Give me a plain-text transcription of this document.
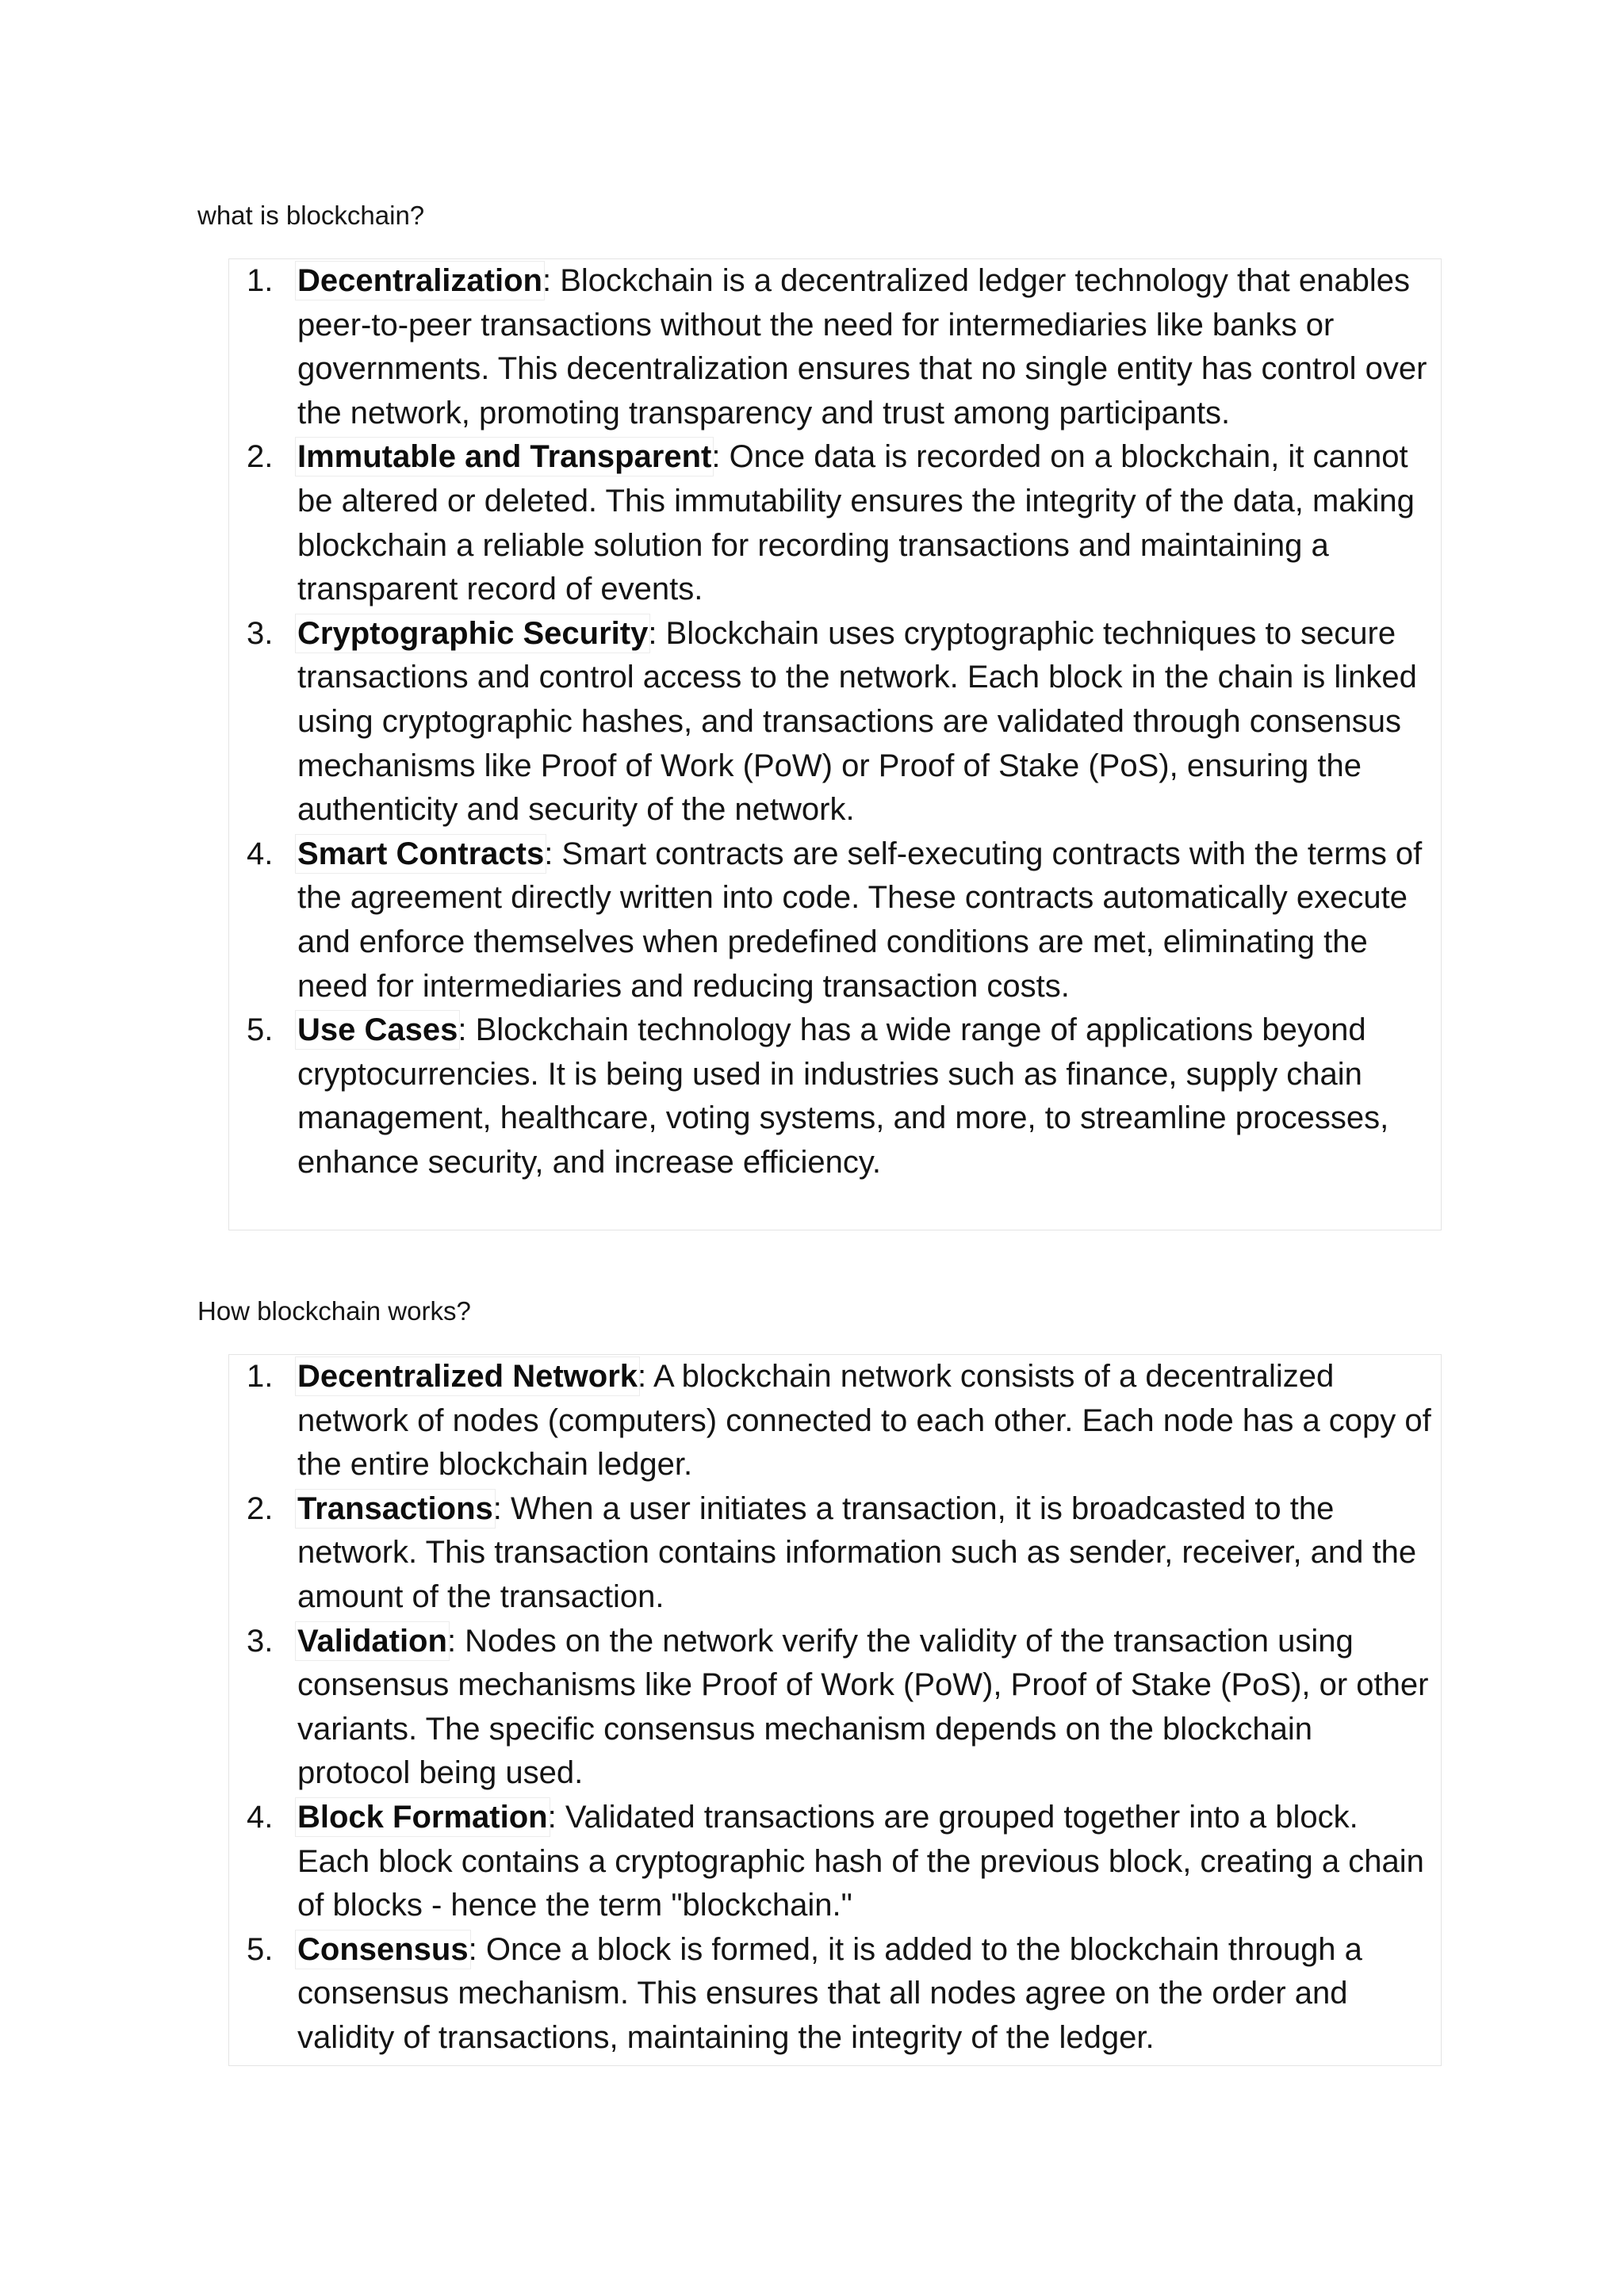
what is blockchain?
1. Decentralization: Blockchain is a decentralized ledger technology that enables peer-to-peer transactions without the need for intermediaries like banks or governments. This decentralization ensures that no single entity has control over the network, promoting transparency and trust among participants.
2. Immutable and Transparent: Once data is recorded on a blockchain, it cannot be altered or deleted. This immutability ensures the integrity of the data, making blockchain a reliable solution for recording transactions and maintaining a transparent record of events.
3. Cryptographic Security: Blockchain uses cryptographic techniques to secure transactions and control access to the network. Each block in the chain is linked using cryptographic hashes, and transactions are validated through consensus mechanisms like Proof of Work (PoW) or Proof of Stake (PoS), ensuring the authenticity and security of the network.
4. Smart Contracts: Smart contracts are self-executing contracts with the terms of the agreement directly written into code. These contracts automatically execute and enforce themselves when predefined conditions are met, eliminating the need for intermediaries and reducing transaction costs.
5. Use Cases: Blockchain technology has a wide range of applications beyond cryptocurrencies. It is being used in industries such as finance, supply chain management, healthcare, voting systems, and more, to streamline processes, enhance security, and increase efficiency.
How blockchain works?
1. Decentralized Network: A blockchain network consists of a decentralized network of nodes (computers) connected to each other. Each node has a copy of the entire blockchain ledger.
2. Transactions: When a user initiates a transaction, it is broadcasted to the network. This transaction contains information such as sender, receiver, and the amount of the transaction.
3. Validation: Nodes on the network verify the validity of the transaction using consensus mechanisms like Proof of Work (PoW), Proof of Stake (PoS), or other variants. The specific consensus mechanism depends on the blockchain protocol being used.
4. Block Formation: Validated transactions are grouped together into a block. Each block contains a cryptographic hash of the previous block, creating a chain of blocks - hence the term "blockchain."
5. Consensus: Once a block is formed, it is added to the blockchain through a consensus mechanism. This ensures that all nodes agree on the order and validity of transactions, maintaining the integrity of the ledger.
